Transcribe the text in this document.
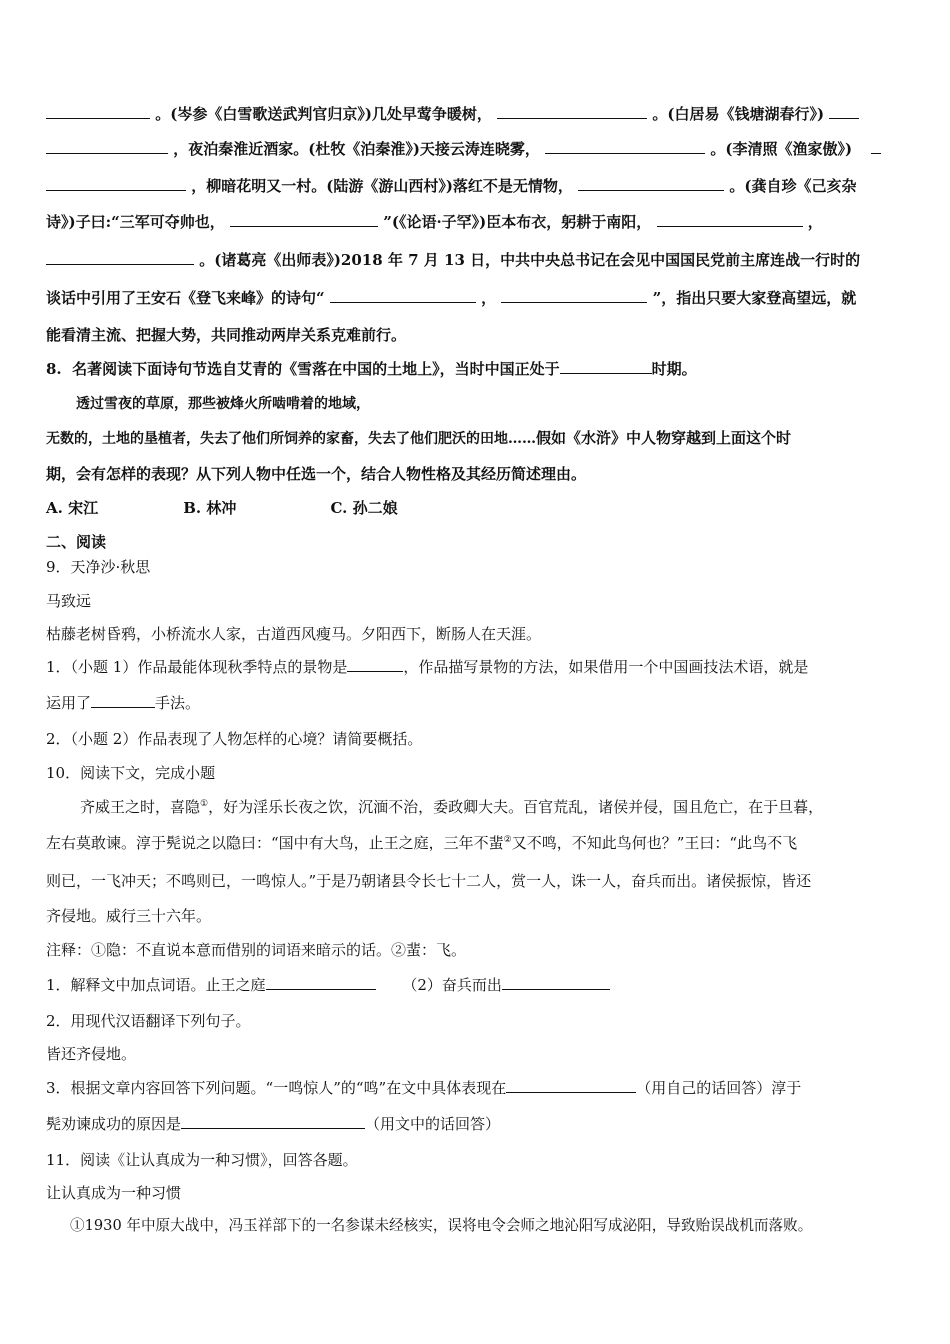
。(岑参《白雪歌送武判官归京》)几处早莺争暖树，	。(白居易《钱塘湖春行》)
，夜泊秦淮近酒家。(杜牧《泊秦淮》)天接云涛连晓雾，	。(李清照《渔家傲》)
，柳暗花明又一村。(陆游《游山西村》)落红不是无情物，	。(龚自珍《己亥杂
诗》)子曰:“三军可夺帅也，	”(《论语·子罕》)臣本布衣，躬耕于南阳，	，
。(诸葛亮《出师表》)2018 年 7 月 13 日，中共中央总书记在会见中国国民党前主席连战一行时的
谈话中引用了王安石《登飞来峰》的诗句“	，	”，指出只要大家登高望远，就
能看清主流、把握大势，共同推动两岸关系克难前行。
8. 名著阅读下面诗句节选自艾青的《雪落在中国的土地上》，当时中国正处于	时期。
透过雪夜的草原，那些被烽火所啮啃着的地域，
无数的，土地的垦植者，失去了他们所饲养的家畜，失去了他们肥沃的田地……假如《水浒》中人物穿越到上面这个时
期，会有怎样的表现？从下列人物中任选一个，结合人物性格及其经历简述理由。
A. 宋江	B. 林冲	C. 孙二娘
二、阅读
9．天净沙·秋思
马致远
枯藤老树昏鸦，小桥流水人家，古道西风瘦马。夕阳西下，断肠人在天涯。
1．（小题 1）作品最能体现秋季特点的景物是	，作品描写景物的方法，如果借用一个中国画技法术语，就是
运用了	手法。
2．（小题 2）作品表现了人物怎样的心境？请简要概括。
10．阅读下文，完成小题
齐威王之时，喜隐①，好为淫乐长夜之饮，沉湎不治，委政卿大夫。百官荒乱，诸侯并侵，国且危亡，在于旦暮，
左右莫敢谏。淳于髡说之以隐曰：“国中有大鸟，止王之庭，三年不蜚②又不鸣，不知此鸟何也？”王曰：“此鸟不飞
则已，一飞冲天；不鸣则已，一鸣惊人。”于是乃朝诸县令长七十二人，赏一人，诛一人，奋兵而出。诸侯振惊，皆还
齐侵地。威行三十六年。
注释：①隐：不直说本意而借别的词语来暗示的话。②蜚：飞。
1．解释文中加点词语。止王之庭	（2）奋兵而出
2．用现代汉语翻译下列句子。
皆还齐侵地。
3．根据文章内容回答下列问题。“一鸣惊人”的“鸣”在文中具体表现在	（用自己的话回答）淳于
髡劝谏成功的原因是	（用文中的话回答）
11．阅读《让认真成为一种习惯》，回答各题。
让认真成为一种习惯
①1930 年中原大战中，冯玉祥部下的一名参谋未经核实，误将电令会师之地沁阳写成泌阳，导致贻误战机而落败。
